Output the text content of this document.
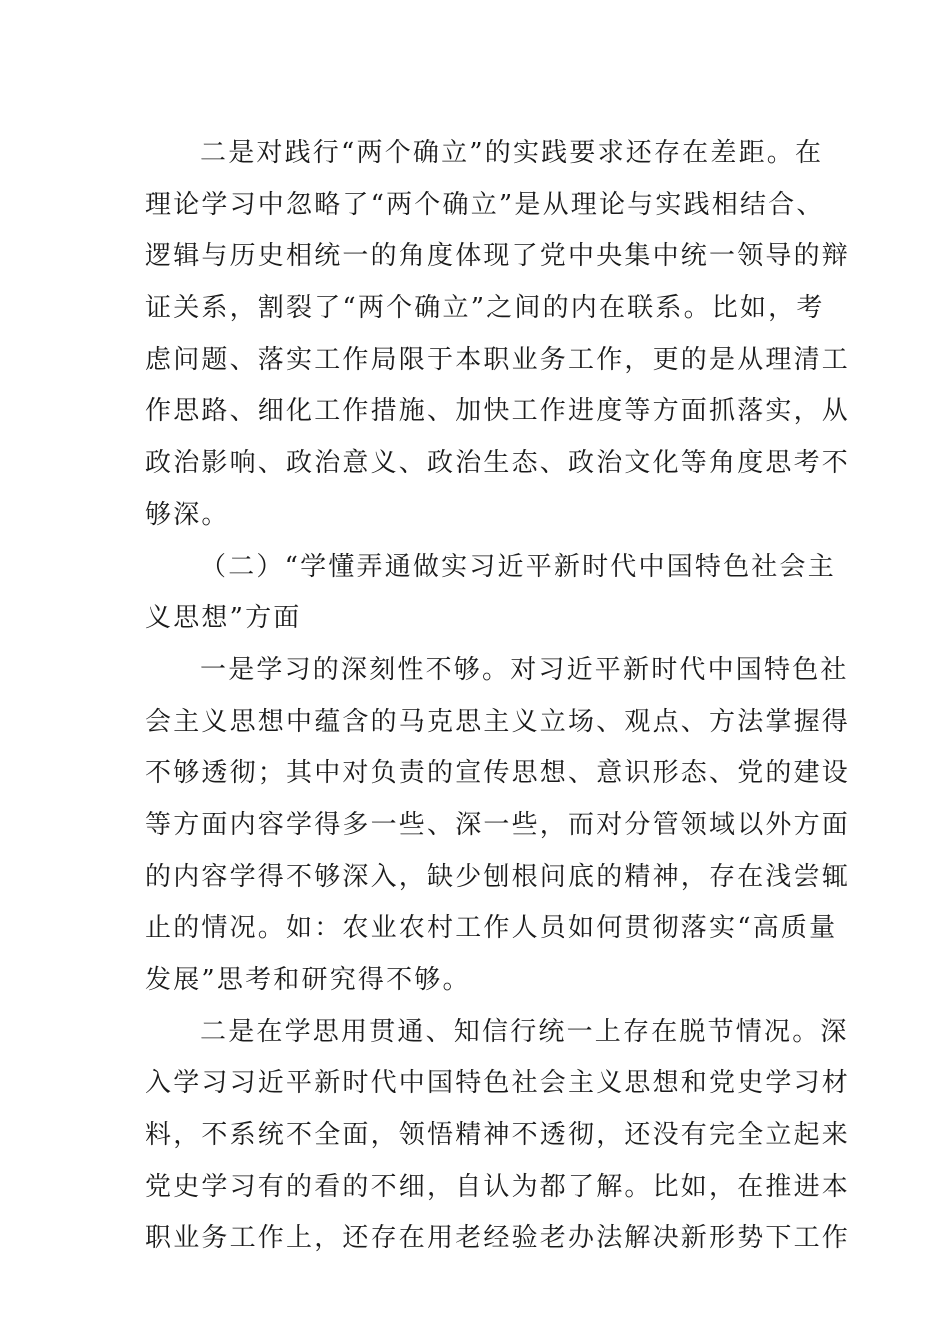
二是对践行“两个确立”的实践要求还存在差距。在
理论学习中忽略了“两个确立”是从理论与实践相结合、
逻辑与历史相统一的角度体现了党中央集中统一领导的辩
证关系，割裂了“两个确立”之间的内在联系。比如，考
虑问题、落实工作局限于本职业务工作，更的是从理清工
作思路、细化工作措施、加快工作进度等方面抓落实，从
政治影响、政治意义、政治生态、政治文化等角度思考不
够深。
（二）“学懂弄通做实习近平新时代中国特色社会主
义思想”方面
一是学习的深刻性不够。对习近平新时代中国特色社
会主义思想中蕴含的马克思主义立场、观点、方法掌握得
不够透彻；其中对负责的宣传思想、意识形态、党的建设
等方面内容学得多一些、深一些，而对分管领域以外方面
的内容学得不够深入，缺少刨根问底的精神，存在浅尝辄
止的情况。如：农业农村工作人员如何贯彻落实“高质量
发展”思考和研究得不够。
二是在学思用贯通、知信行统一上存在脱节情况。深
入学习习近平新时代中国特色社会主义思想和党史学习材
料，不系统不全面，领悟精神不透彻，还没有完全立起来
党史学习有的看的不细，自认为都了解。比如，在推进本
职业务工作上，还存在用老经验老办法解决新形势下工作
